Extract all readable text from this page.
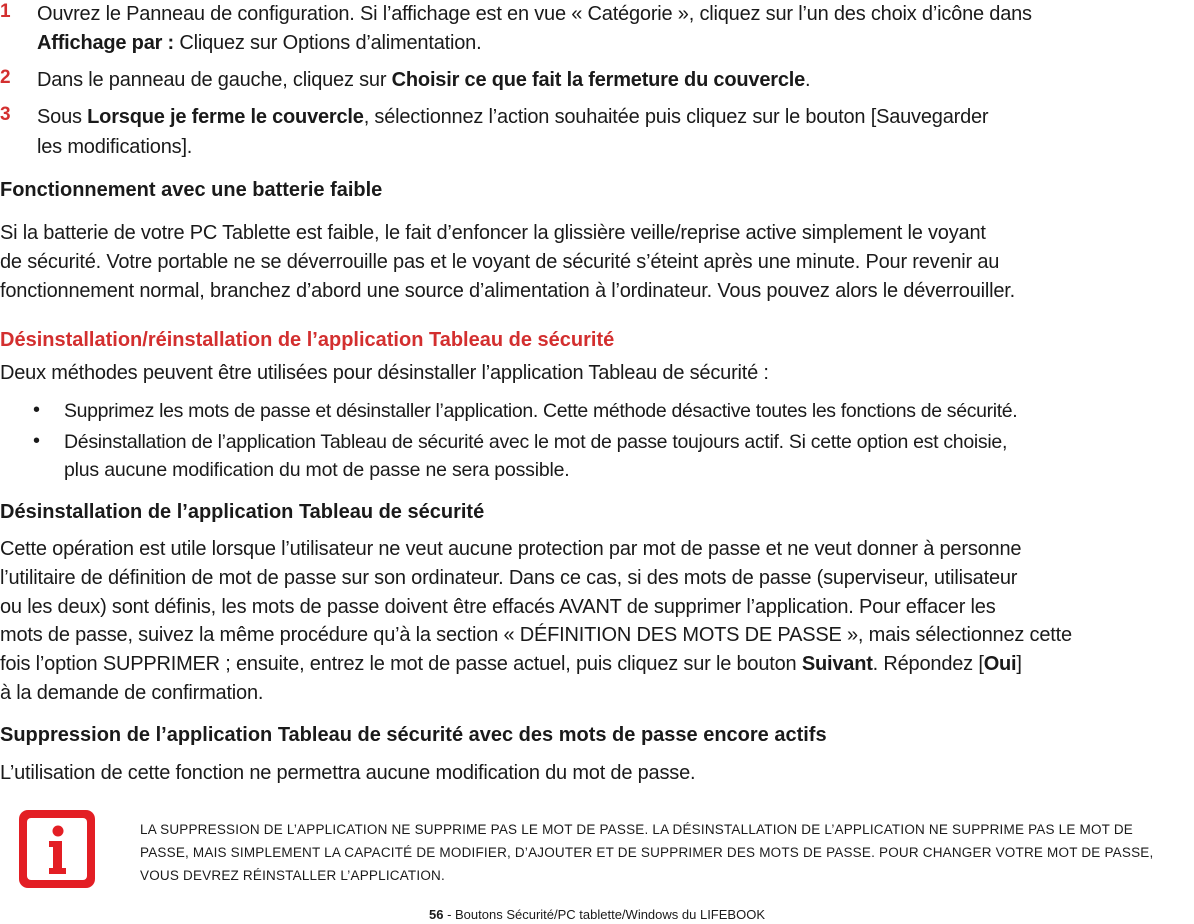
1 Ouvrez le Panneau de configuration. Si l’affichage est en vue « Catégorie », cliquez sur l’un des choix d’icône dans
Affichage par : Cliquez sur Options d’alimentation.
2 Dans le panneau de gauche, cliquez sur Choisir ce que fait la fermeture du couvercle.
3 Sous Lorsque je ferme le couvercle, sélectionnez l’action souhaitée puis cliquez sur le bouton [Sauvegarder
les modifications].
Fonctionnement avec une batterie faible
Si la batterie de votre PC Tablette est faible, le fait d’enfoncer la glissière veille/reprise active simplement le voyant
de sécurité. Votre portable ne se déverrouille pas et le voyant de sécurité s’éteint après une minute. Pour revenir au
fonctionnement normal, branchez d’abord une source d’alimentation à l’ordinateur. Vous pouvez alors le déverrouiller.
Désinstallation/réinstallation de l’application Tableau de sécurité
Deux méthodes peuvent être utilisées pour désinstaller l’application Tableau de sécurité :
• Supprimez les mots de passe et désinstaller l’application. Cette méthode désactive toutes les fonctions de sécurité.
• Désinstallation de l’application Tableau de sécurité avec le mot de passe toujours actif. Si cette option est choisie,
plus aucune modification du mot de passe ne sera possible.
Désinstallation de l’application Tableau de sécurité
Cette opération est utile lorsque l’utilisateur ne veut aucune protection par mot de passe et ne veut donner à personne
l’utilitaire de définition de mot de passe sur son ordinateur. Dans ce cas, si des mots de passe (superviseur, utilisateur
ou les deux) sont définis, les mots de passe doivent être effacés AVANT de supprimer l’application. Pour effacer les
mots de passe, suivez la même procédure qu’à la section « DÉFINITION DES MOTS DE PASSE », mais sélectionnez cette
fois l’option SUPPRIMER ; ensuite, entrez le mot de passe actuel, puis cliquez sur le bouton Suivant. Répondez [Oui]
à la demande de confirmation.
Suppression de l’application Tableau de sécurité avec des mots de passe encore actifs
L’utilisation de cette fonction ne permettra aucune modification du mot de passe.
LA SUPPRESSION DE L’APPLICATION NE SUPPRIME PAS LE MOT DE PASSE. LA DÉSINSTALLATION DE L’APPLICATION NE SUPPRIME PAS LE MOT DE
PASSE, MAIS SIMPLEMENT LA CAPACITÉ DE MODIFIER, D’AJOUTER ET DE SUPPRIMER DES MOTS DE PASSE. POUR CHANGER VOTRE MOT DE PASSE,
VOUS DEVREZ RÉINSTALLER L’APPLICATION.
56 - Boutons Sécurité/PC tablette/Windows du LIFEBOOK
